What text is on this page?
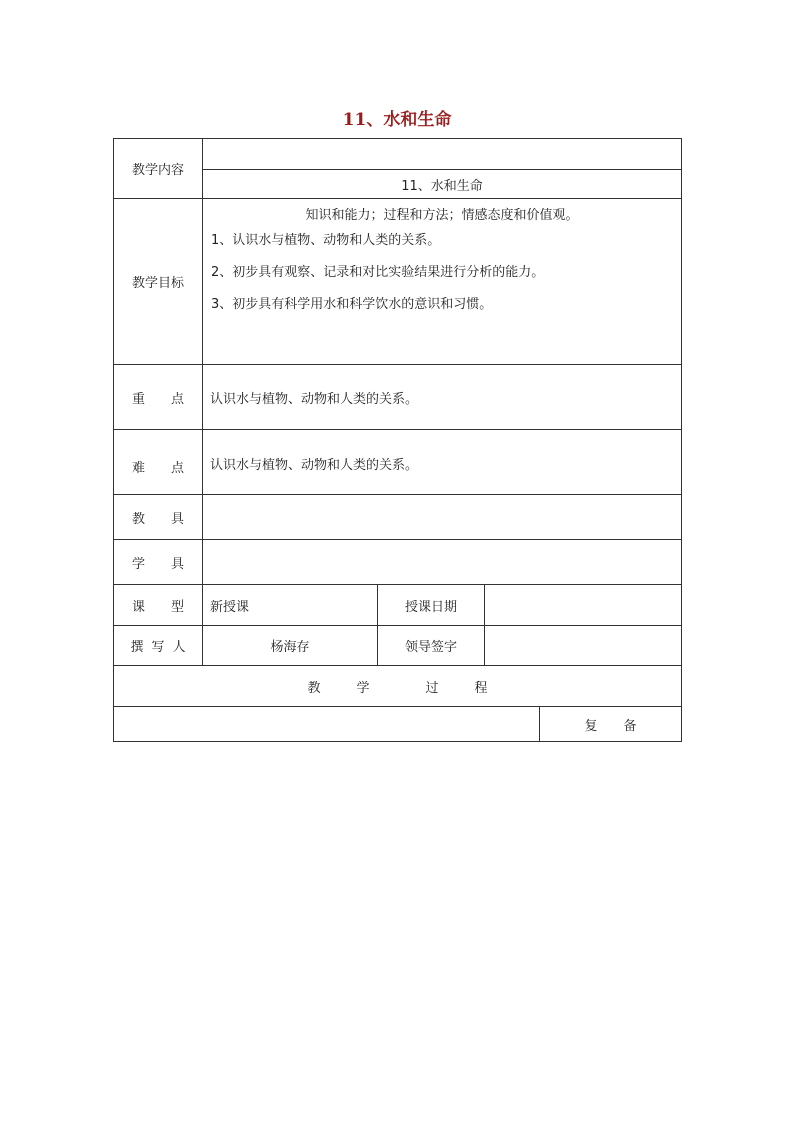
11、水和生命
教学内容				
	11、水和生命			
教学目标	知识和能力；过程和方法；情感态度和价值观。

1、认识水与植物、动物和人类的关系。

2、初步具有观察、记录和对比实验结果进行分析的能力。

3、初步具有科学用水和科学饮水的意识和习惯。			

重 点	认识水与植物、动物和人类的关系。			
难 点	认识水与植物、动物和人类的关系。			
教 具				
学 具				
课 型	新授课	授课日期		
撰 写 人	杨海存	领导签字		
教 学 过 程				
				复 备
